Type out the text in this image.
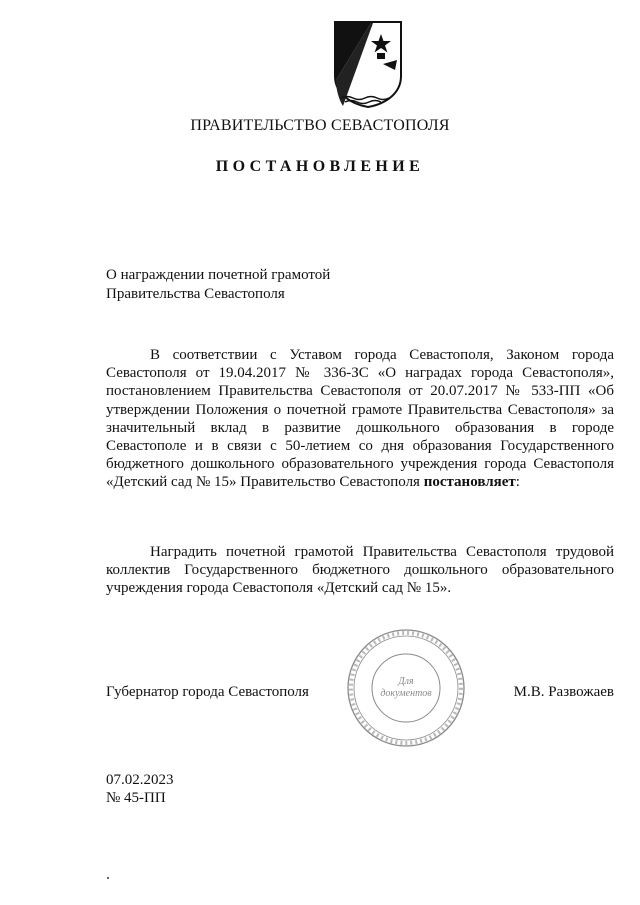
ПРАВИТЕЛЬСТВО СЕВАСТОПОЛЯ
ПОСТАНОВЛЕНИЕ
О награждении почетной грамотой
Правительства Севастополя

В соответствии с Уставом города Севастополя, Законом города Севастополя от 19.04.2017 № 336-ЗС «О наградах города Севастополя», постановлением Правительства Севастополя от 20.07.2017 № 533-ПП «Об утверждении Положения о почетной грамоте Правительства Севастополя» за значительный вклад в развитие дошкольного образования в городе Севастополе и в связи с 50-летием со дня образования Государственного бюджетного дошкольного образовательного учреждения города Севастополя «Детский сад № 15» Правительство Севастополя постановляет:

Наградить почетной грамотой Правительства Севастополя трудовой коллектив Государственного бюджетного дошкольного образовательного учреждения города Севастополя «Детский сад № 15».

Губернатор города Севастополя
Для
документов	М.В. Развожаев
07.02.2023
№ 45-ПП
